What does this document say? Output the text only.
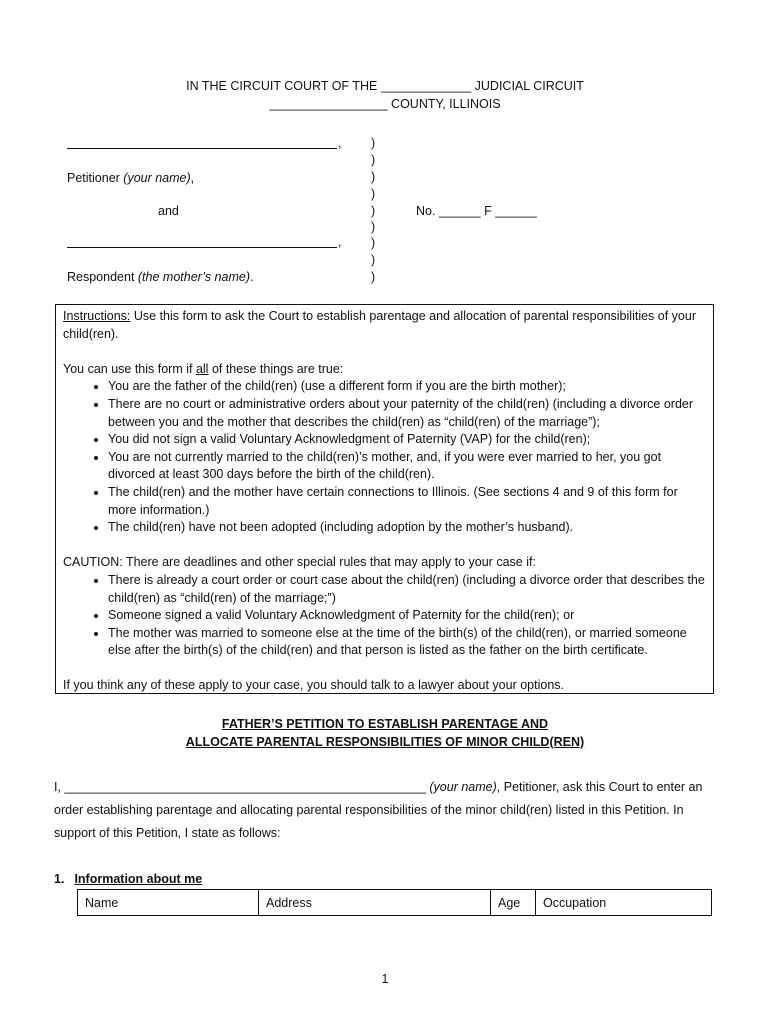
IN THE CIRCUIT COURT OF THE _____________ JUDICIAL CIRCUIT
_________________ COUNTY, ILLINOIS
,
Petitioner (your name),
and
,
Respondent (the mother’s name).
)
)
)
)
)
)
)
)
)
No. ______ F ______

Instructions: Use this form to ask the Court to establish parentage and allocation of parental responsibilities of your child(ren).

You can use this form if all of these things are true:

• You are the father of the child(ren) (use a different form if you are the birth mother);
• There are no court or administrative orders about your paternity of the child(ren) (including a divorce order between you and the mother that describes the child(ren) as “child(ren) of the marriage”);
• You did not sign a valid Voluntary Acknowledgment of Paternity (VAP) for the child(ren);
• You are not currently married to the child(ren)’s mother, and, if you were ever married to her, you got divorced at least 300 days before the birth of the child(ren).
• The child(ren) and the mother have certain connections to Illinois. (See sections 4 and 9 of this form for more information.)
• The child(ren) have not been adopted (including adoption by the mother’s husband).

CAUTION: There are deadlines and other special rules that may apply to your case if:

• There is already a court order or court case about the child(ren) (including a divorce order that describes the child(ren) as “child(ren) of the marriage;”)
• Someone signed a valid Voluntary Acknowledgment of Paternity for the child(ren); or
• The mother was married to someone else at the time of the birth(s) of the child(ren), or married someone else after the birth(s) of the child(ren) and that person is listed as the father on the birth certificate.

If you think any of these apply to your case, you should talk to a lawyer about your options.

FATHER’S PETITION TO ESTABLISH PARENTAGE AND
ALLOCATE PARENTAL RESPONSIBILITIES OF MINOR CHILD(REN)
I, ____________________________________________________ (your name), Petitioner, ask this Court to enter an order establishing parentage and allocating parental responsibilities of the minor child(ren) listed in this Petition. In support of this Petition, I state as follows:
1. Information about me
Name	Address	Age	Occupation
1
